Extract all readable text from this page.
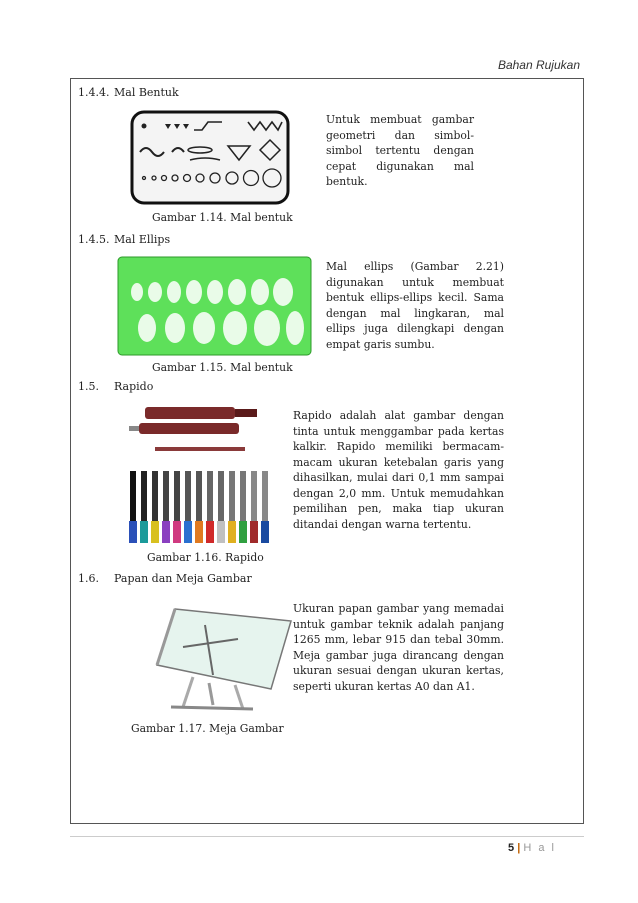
Bahan Rujukan
1.4.4. Mal Bentuk
Untuk membuat gambar geometri dan simbol-simbol tertentu dengan cepat digunakan mal bentuk.
Gambar 1.14. Mal bentuk
1.4.5. Mal Ellips
Mal ellips (Gambar 2.21) digunakan untuk membuat bentuk ellips-ellips kecil. Sama dengan mal lingkaran, mal ellips juga dilengkapi dengan empat garis sumbu.
Gambar 1.15. Mal bentuk
1.5. Rapido
Rapido adalah alat gambar dengan tinta untuk menggambar pada kertas kalkir. Rapido memiliki bermacam-macam ukuran ketebalan garis yang dihasilkan, mulai dari 0,1 mm sampai dengan 2,0 mm. Untuk memudahkan pemilihan pen, maka tiap ukuran ditandai dengan warna tertentu.
Gambar 1.16. Rapido
1.6. Papan dan Meja Gambar
Ukuran papan gambar yang memadai untuk gambar teknik adalah panjang 1265 mm, lebar 915 dan tebal 30mm. Meja gambar juga dirancang dengan ukuran sesuai dengan ukuran kertas, seperti ukuran kertas A0 dan A1.
Gambar 1.17. Meja Gambar
5 | H a l
